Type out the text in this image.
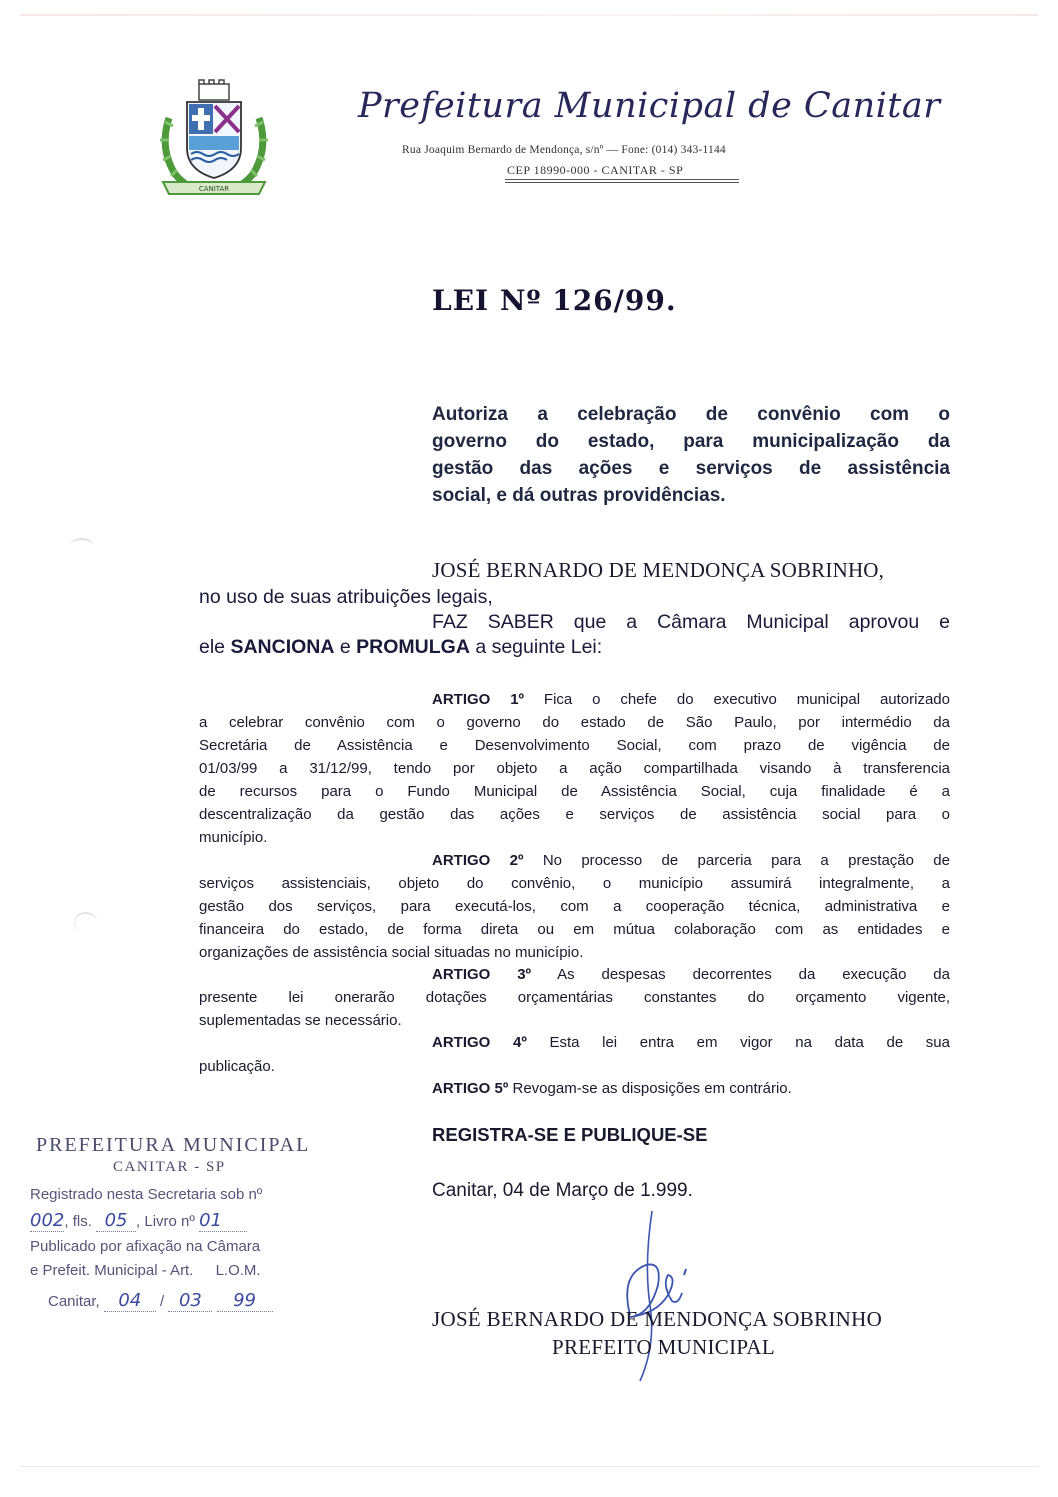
CANITAR
Prefeitura Municipal de Canitar
Rua Joaquim Bernardo de Mendonça, s/nº — Fone: (014) 343-1144
CEP 18990-000 - CANITAR - SP
LEI Nº 126/99.
Autoriza a celebração de convênio com o
governo do estado, para municipalização da
gestão das ações e serviços de assistência
social, e dá outras providências.
JOSÉ BERNARDO DE MENDONÇA SOBRINHO,
no uso de suas atribuições legais,
FAZ SABER que a Câmara Municipal aprovou e
ele SANCIONA e PROMULGA a seguinte Lei:
ARTIGO 1º Fica o chefe do executivo municipal autorizado
a celebrar convênio com o governo do estado de São Paulo, por intermédio da
Secretária de Assistência e Desenvolvimento Social, com prazo de vigência de
01/03/99 a 31/12/99, tendo por objeto a ação compartilhada visando à transferencia
de recursos para o Fundo Municipal de Assistência Social, cuja finalidade é a
descentralização da gestão das ações e serviços de assistência social para o
município.
ARTIGO 2º No processo de parceria para a prestação de
serviços assistenciais, objeto do convênio, o município assumirá integralmente, a
gestão dos serviços, para executá-los, com a cooperação técnica, administrativa e
financeira do estado, de forma direta ou em mútua colaboração com as entidades e
organizações de assistência social situadas no município.
ARTIGO 3º As despesas decorrentes da execução da
presente lei onerarão dotações orçamentárias constantes do orçamento vigente,
suplementadas se necessário.
ARTIGO 4º Esta lei entra em vigor na data de sua
publicação.
ARTIGO 5º Revogam-se as disposições em contrário.
REGISTRA-SE E PUBLIQUE-SE
Canitar, 04 de Março de 1.999.
JOSÉ BERNARDO DE MENDONÇA SOBRINHO
PREFEITO MUNICIPAL
PREFEITURA MUNICIPAL
CANITAR - SP
Registrado nesta Secretaria sob nº
002, fls. 05 , Livro nº 01
Publicado por afixação na Câmara
e Prefeit. Municipal - Art. L.O.M.
Canitar, 04 / 03 99
